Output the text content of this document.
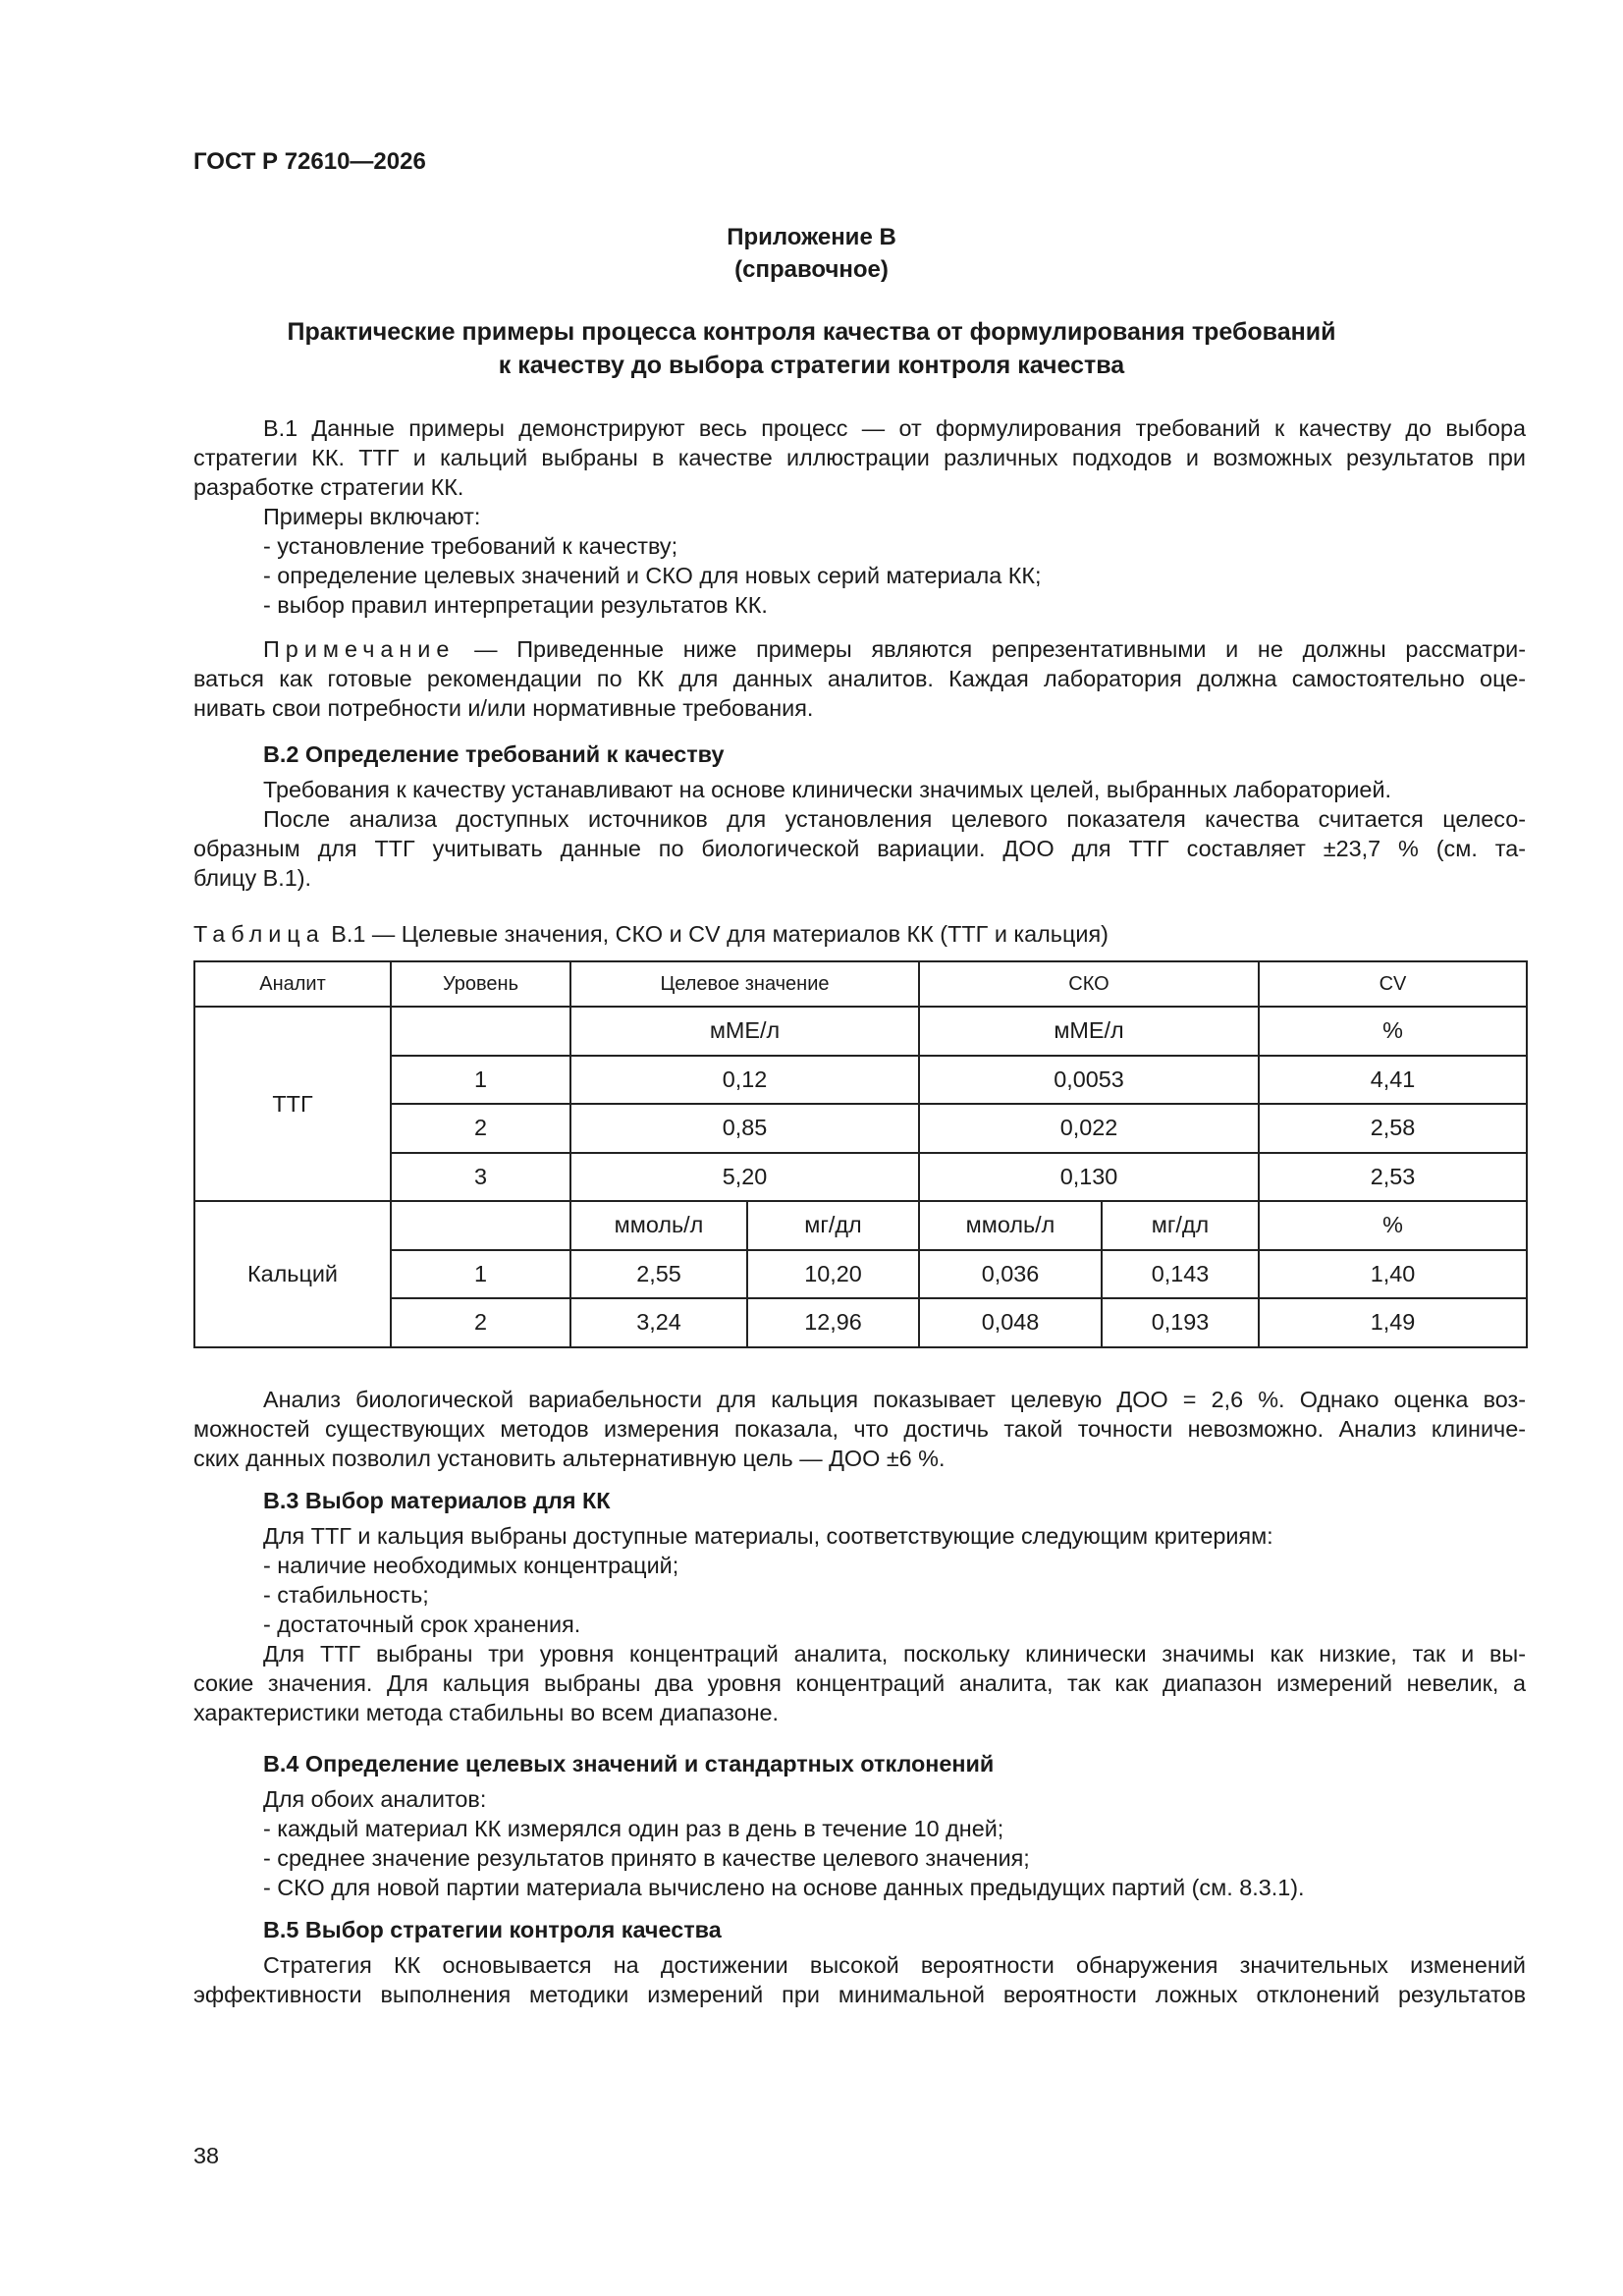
ГОСТ Р 72610—2026
Приложение В
(справочное)
Практические примеры процесса контроля качества от формулирования требований
к качеству до выбора стратегии контроля качества

В.1 Данные примеры демонстрируют весь процесс — от формулирования требований к качеству до выбора

стратегии КК. ТТГ и кальций выбраны в качестве иллюстрации различных подходов и возможных результатов при

разработке стратегии КК.

Примеры включают:

- установление требований к качеству;

- определение целевых значений и СКО для новых серий материала КК;

- выбор правил интерпретации результатов КК.

Примечание — Приведенные ниже примеры являются репрезентативными и не должны рассматри-

ваться как готовые рекомендации по КК для данных аналитов. Каждая лаборатория должна самостоятельно оце-

нивать свои потребности и/или нормативные требования.

В.2 Определение требований к качеству

Требования к качеству устанавливают на основе клинически значимых целей, выбранных лабораторией.

После анализа доступных источников для установления целевого показателя качества считается целесо-

образным для ТТГ учитывать данные по биологической вариации. ДОО для ТТГ составляет ±23,7 % (см. та-

блицу В.1).

Таблица В.1 — Целевые значения, СКО и CV для материалов КК (ТТГ и кальция)
Аналит	Уровень	Целевое значение		СКО		CV
ТТГ		мМЕ/л		мМЕ/л		%
	1	0,12		0,0053		4,41
	2	0,85		0,022		2,58
	3	5,20		0,130		2,53
Кальций		ммоль/л	мг/дл	ммоль/л	мг/дл	%
	1	2,55	10,20	0,036	0,143	1,40
	2	3,24	12,96	0,048	0,193	1,49

Анализ биологической вариабельности для кальция показывает целевую ДОО = 2,6 %. Однако оценка воз-

можностей существующих методов измерения показала, что достичь такой точности невозможно. Анализ клиниче-

ских данных позволил установить альтернативную цель — ДОО ±6 %.

В.3 Выбор материалов для КК

Для ТТГ и кальция выбраны доступные материалы, соответствующие следующим критериям:

- наличие необходимых концентраций;

- стабильность;

- достаточный срок хранения.

Для ТТГ выбраны три уровня концентраций аналита, поскольку клинически значимы как низкие, так и вы-

сокие значения. Для кальция выбраны два уровня концентраций аналита, так как диапазон измерений невелик, а

характеристики метода стабильны во всем диапазоне.

В.4 Определение целевых значений и стандартных отклонений

Для обоих аналитов:

- каждый материал КК измерялся один раз в день в течение 10 дней;

- среднее значение результатов принято в качестве целевого значения;

- СКО для новой партии материала вычислено на основе данных предыдущих партий (см. 8.3.1).

В.5 Выбор стратегии контроля качества

Стратегия КК основывается на достижении высокой вероятности обнаружения значительных изменений

эффективности выполнения методики измерений при минимальной вероятности ложных отклонений результатов

38
